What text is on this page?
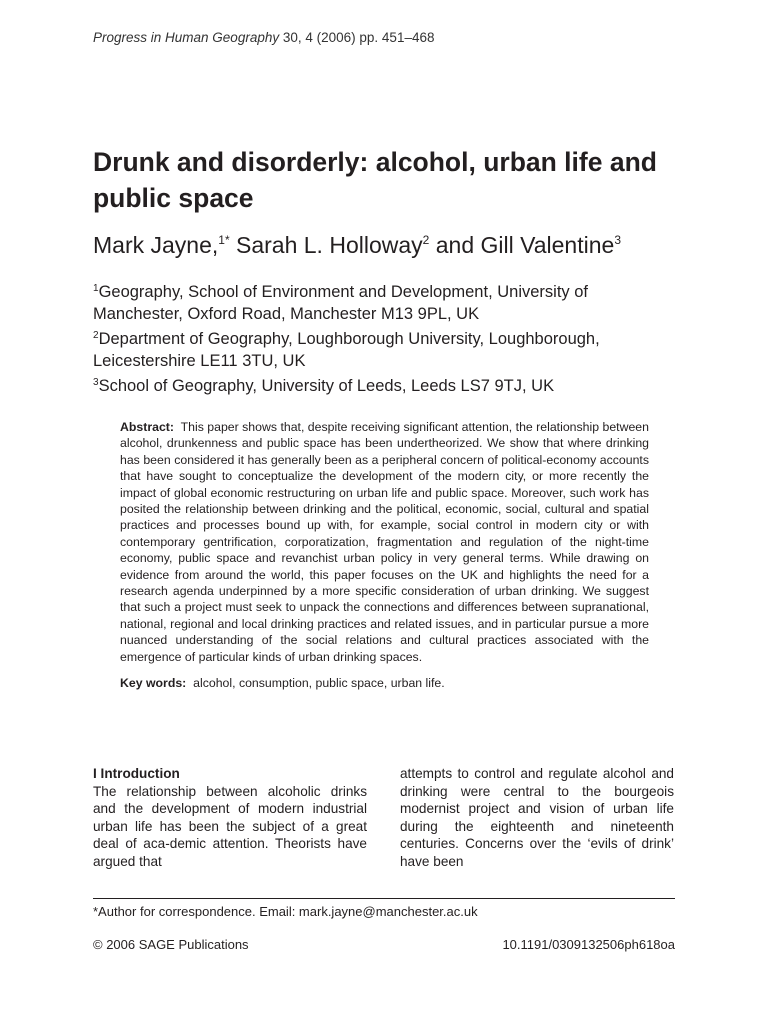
Progress in Human Geography 30, 4 (2006) pp. 451–468
Drunk and disorderly: alcohol, urban life and public space
Mark Jayne,$^{1*}$ Sarah L. Holloway$^2$ and Gill Valentine$^3$
$^1$Geography, School of Environment and Development, University of
Manchester, Oxford Road, Manchester M13 9PL, UK
$^2$Department of Geography, Loughborough University, Loughborough,
Leicestershire LE11 3TU, UK
$^3$School of Geography, University of Leeds, Leeds LS7 9TJ, UK

Abstract: This paper shows that, despite receiving significant attention, the relationship between alcohol, drunkenness and public space has been undertheorized. We show that where drinking has been considered it has generally been as a peripheral concern of political-economy accounts that have sought to conceptualize the development of the modern city, or more recently the impact of global economic restructuring on urban life and public space. Moreover, such work has posited the relationship between drinking and the political, economic, social, cultural and spatial practices and processes bound up with, for example, social control in modern city or with contemporary gentrification, corporatization, fragmentation and regulation of the night-time economy, public space and revanchist urban policy in very general terms. While drawing on evidence from around the world, this paper focuses on the UK and highlights the need for a research agenda underpinned by a more specific consideration of urban drinking. We suggest that such a project must seek to unpack the connections and differences between supranational, national, regional and local drinking practices and related issues, and in particular pursue a more nuanced understanding of the social relations and cultural practices associated with the emergence of particular kinds of urban drinking spaces.

Key words: alcohol, consumption, public space, urban life.

I Introduction
The relationship between alcoholic drinks and the development of modern industrial urban life has been the subject of a great deal of aca-demic attention. Theorists have argued that

attempts to control and regulate alcohol and drinking were central to the bourgeois modernist project and vision of urban life during the eighteenth and nineteenth centuries. Concerns over the ‘evils of drink’ have been

*Author for correspondence. Email: mark.jayne@manchester.ac.uk
© 2006 SAGE Publications	10.1191/0309132506ph618oa
